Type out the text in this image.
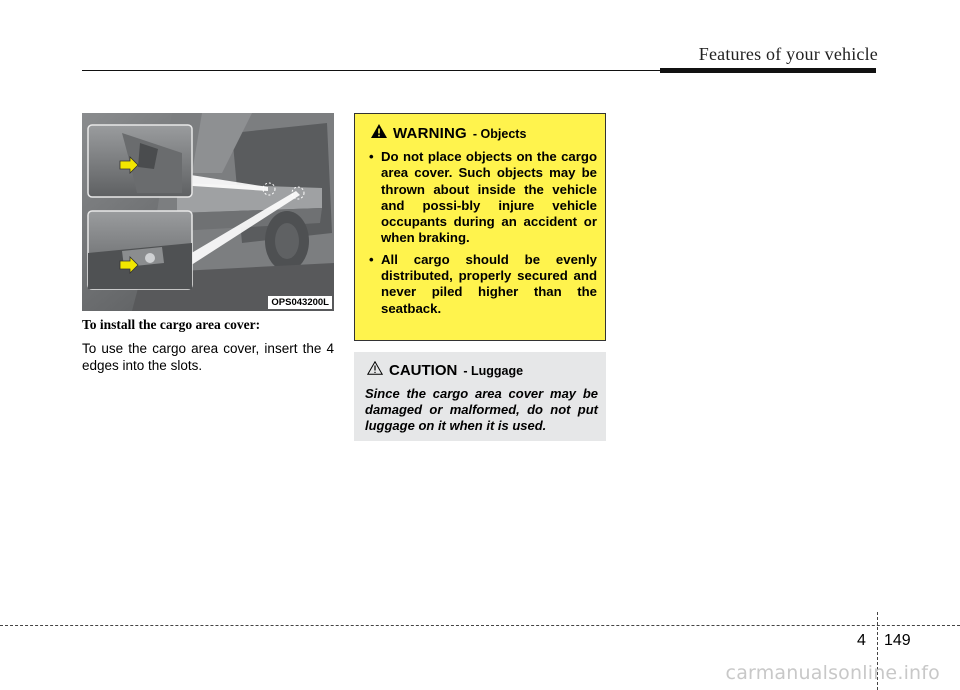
Features of your vehicle
OPS043200L
To install the cargo area cover:
To use the cargo area cover, insert the 4 edges into the slots.
WARNING - Objects
• Do not place objects on the cargo area cover. Such objects may be thrown about inside the vehicle and possi-bly injure vehicle occupants during an accident or when braking.
• All cargo should be evenly distributed, properly secured and never piled higher than the seatback.
CAUTION - Luggage
Since the cargo area cover may be damaged or malformed, do not put luggage on it when it is used.
4 149
carmanualsonline.info
